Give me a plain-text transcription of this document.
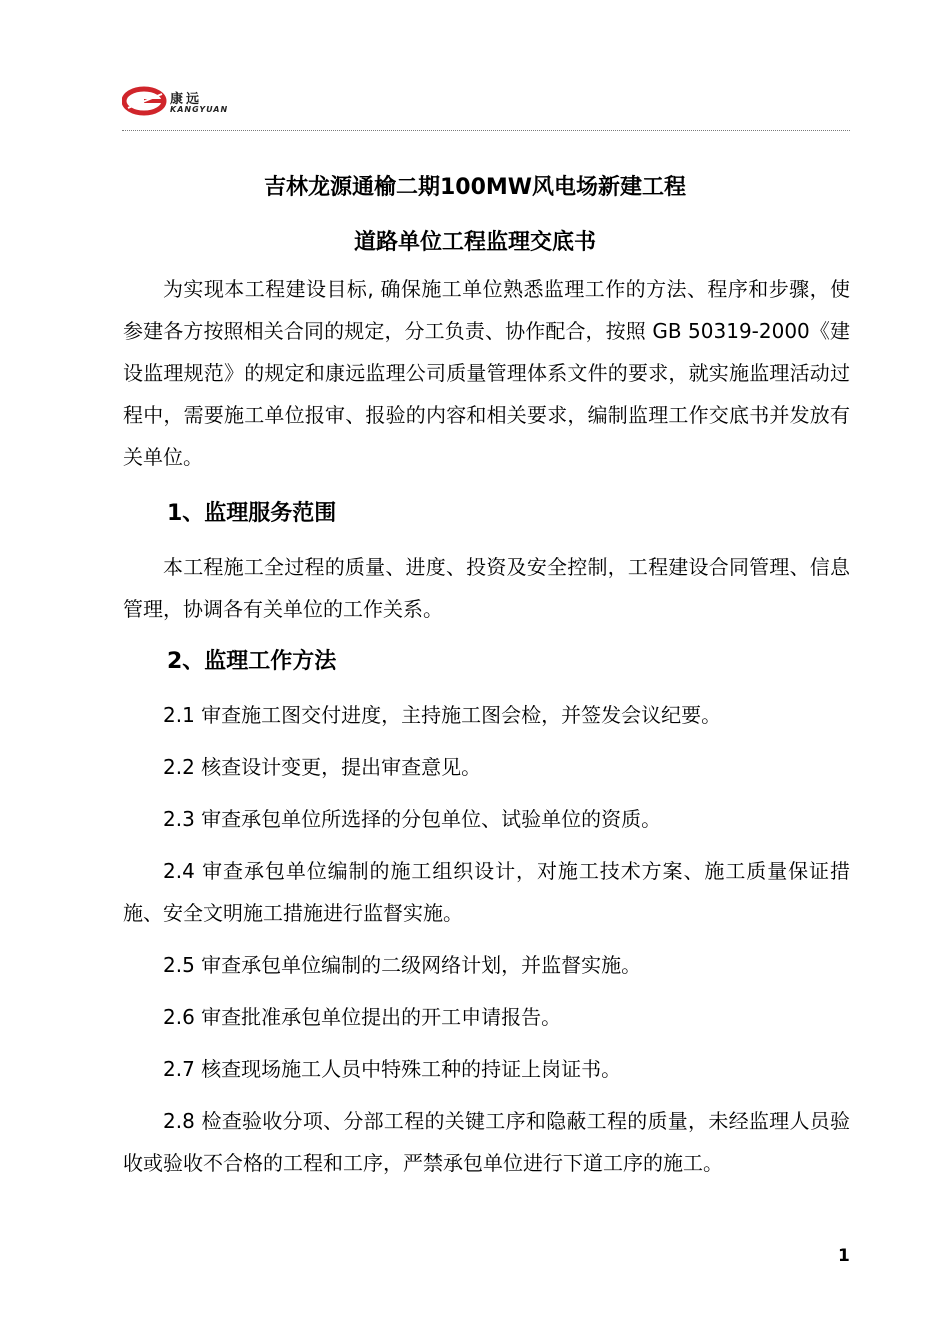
康远
KANGYUAN
吉林龙源通榆二期100MW风电场新建工程
道路单位工程监理交底书

为实现本工程建设目标, 确保施工单位熟悉监理工作的方法、程序和步骤，使参建各方按照相关合同的规定，分工负责、协作配合，按照 GB 50319-2000《建设监理规范》的规定和康远监理公司质量管理体系文件的要求，就实施监理活动过程中，需要施工单位报审、报验的内容和相关要求，编制监理工作交底书并发放有关单位。

1、监理服务范围

本工程施工全过程的质量、进度、投资及安全控制，工程建设合同管理、信息管理，协调各有关单位的工作关系。

2、监理工作方法

2.1 审查施工图交付进度，主持施工图会检，并签发会议纪要。

2.2 核查设计变更，提出审查意见。

2.3 审查承包单位所选择的分包单位、试验单位的资质。

2.4 审查承包单位编制的施工组织设计，对施工技术方案、施工质量保证措施、安全文明施工措施进行监督实施。

2.5 审查承包单位编制的二级网络计划，并监督实施。

2.6 审查批准承包单位提出的开工申请报告。

2.7 核查现场施工人员中特殊工种的持证上岗证书。

2.8 检查验收分项、分部工程的关键工序和隐蔽工程的质量，未经监理人员验收或验收不合格的工程和工序，严禁承包单位进行下道工序的施工。

1
